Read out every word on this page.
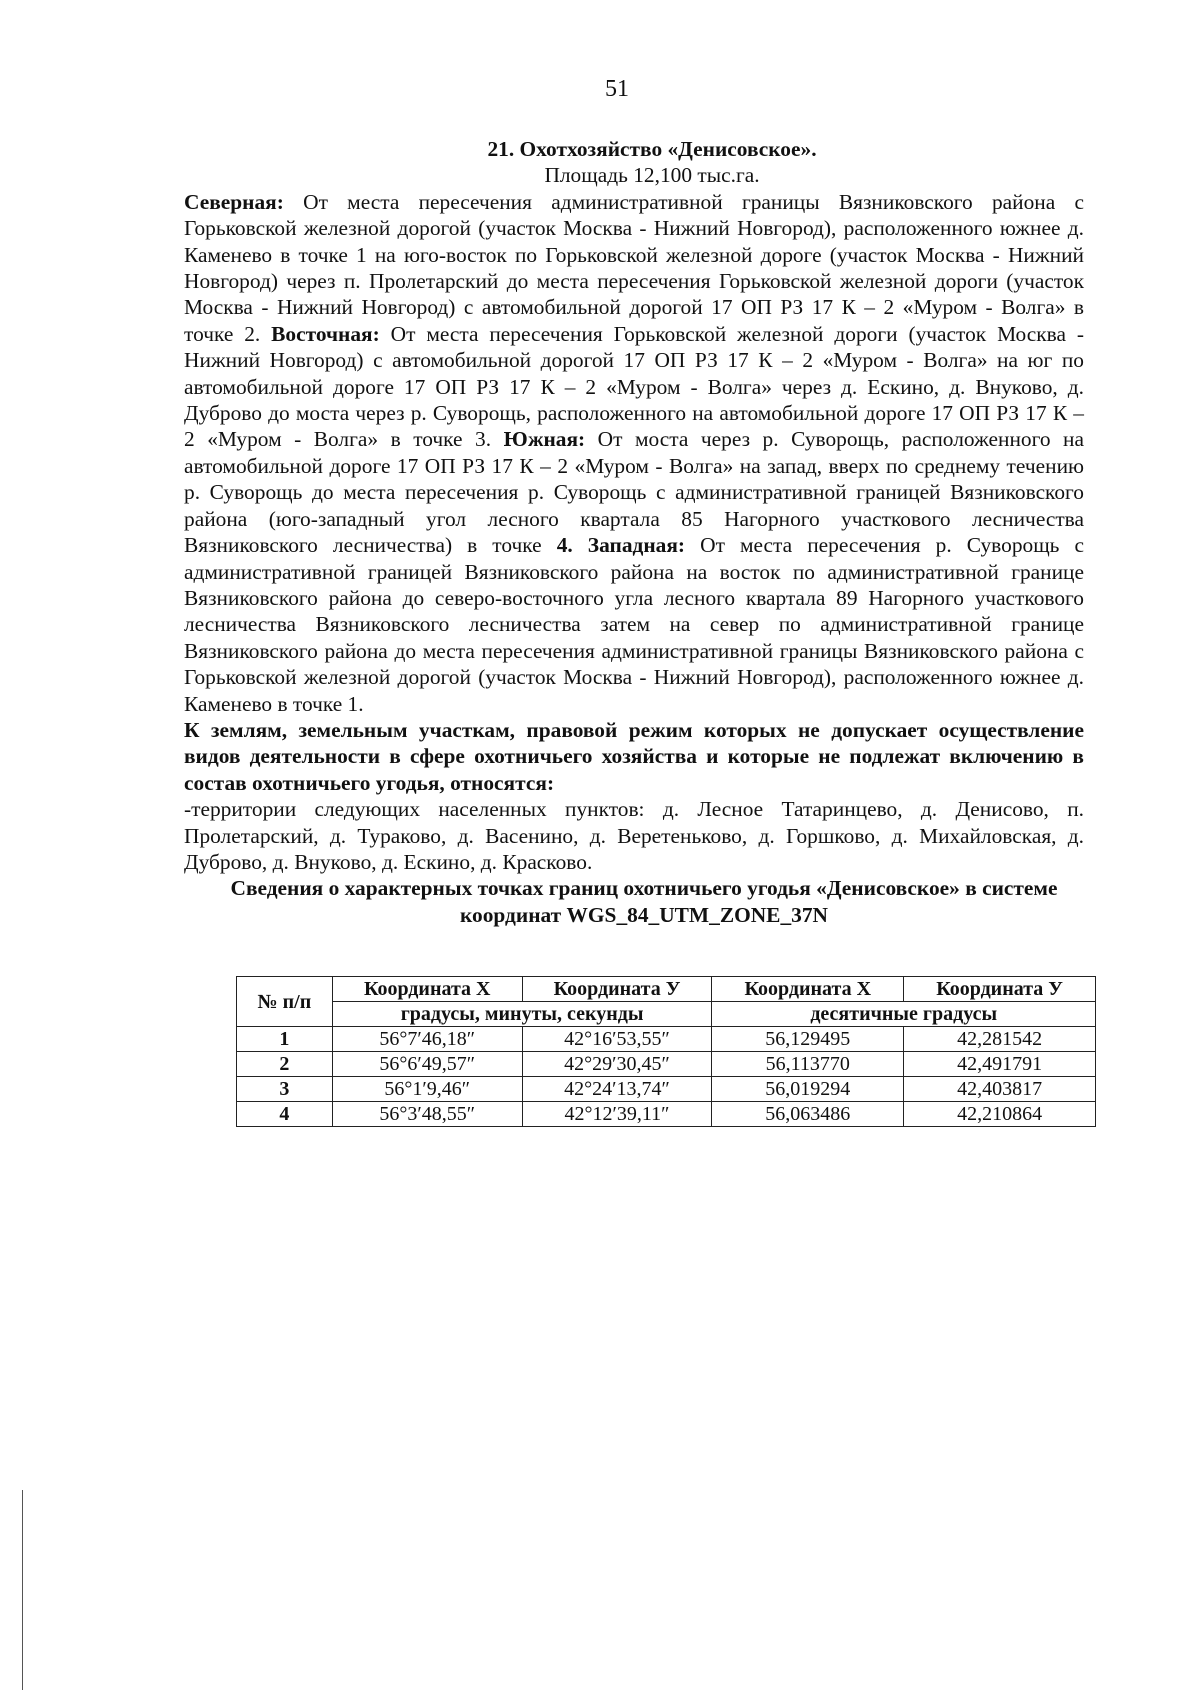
51

21. Охотхозяйство «Денисовское».

Площадь 12,100 тыс.га.

Северная: От места пересечения административной границы Вязниковского района с Горьковской железной дорогой (участок Москва - Нижний Новгород), расположенного южнее д. Каменево в точке 1 на юго-восток по Горьковской железной дороге (участок Москва - Нижний Новгород) через п. Пролетарский до места пересечения Горьковской железной дороги (участок Москва - Нижний Новгород) с автомобильной дорогой 17 ОП РЗ 17 К – 2 «Муром - Волга» в точке 2. Восточная: От места пересечения Горьковской железной дороги (участок Москва - Нижний Новгород) с автомобильной дорогой 17 ОП РЗ 17 К – 2 «Муром - Волга» на юг по автомобильной дороге 17 ОП РЗ 17 К – 2 «Муром - Волга» через д. Ескино, д. Внуково, д. Дуброво до моста через р. Суворощь, расположенного на автомобильной дороге 17 ОП РЗ 17 К – 2 «Муром - Волга» в точке 3. Южная: От моста через р. Суворощь, расположенного на автомобильной дороге 17 ОП РЗ 17 К – 2 «Муром - Волга» на запад, вверх по среднему течению р. Суворощь до места пересечения р. Суворощь с административной границей Вязниковского района (юго-западный угол лесного квартала 85 Нагорного участкового лесничества Вязниковского лесничества) в точке 4. Западная: От места пересечения р. Суворощь с административной границей Вязниковского района на восток по административной границе Вязниковского района до северо-восточного угла лесного квартала 89 Нагорного участкового лесничества Вязниковского лесничества затем на север по административной границе Вязниковского района до места пересечения административной границы Вязниковского района с Горьковской железной дорогой (участок Москва - Нижний Новгород), расположенного южнее д. Каменево в точке 1.

К землям, земельным участкам, правовой режим которых не допускает осуществление видов деятельности в сфере охотничьего хозяйства и которые не подлежат включению в состав охотничьего угодья, относятся:

-территории следующих населенных пунктов: д. Лесное Татаринцево, д. Денисово, п. Пролетарский, д. Тураково, д. Васенино, д. Веретеньково, д. Горшково, д. Михайловская, д. Дуброво, д. Внуково, д. Ескино, д. Красково.

Сведения о характерных точках границ охотничьего угодья «Денисовское» в системе координат WGS_84_UTM_ZONE_37N

№ п/п	Координата Х	Координата У	Координата Х	Координата У
	градусы, минуты, секунды		десятичные градусы	
1	56°7′46,18″	42°16′53,55″	56,129495	42,281542
2	56°6′49,57″	42°29′30,45″	56,113770	42,491791
3	56°1′9,46″	42°24′13,74″	56,019294	42,403817
4	56°3′48,55″	42°12′39,11″	56,063486	42,210864
